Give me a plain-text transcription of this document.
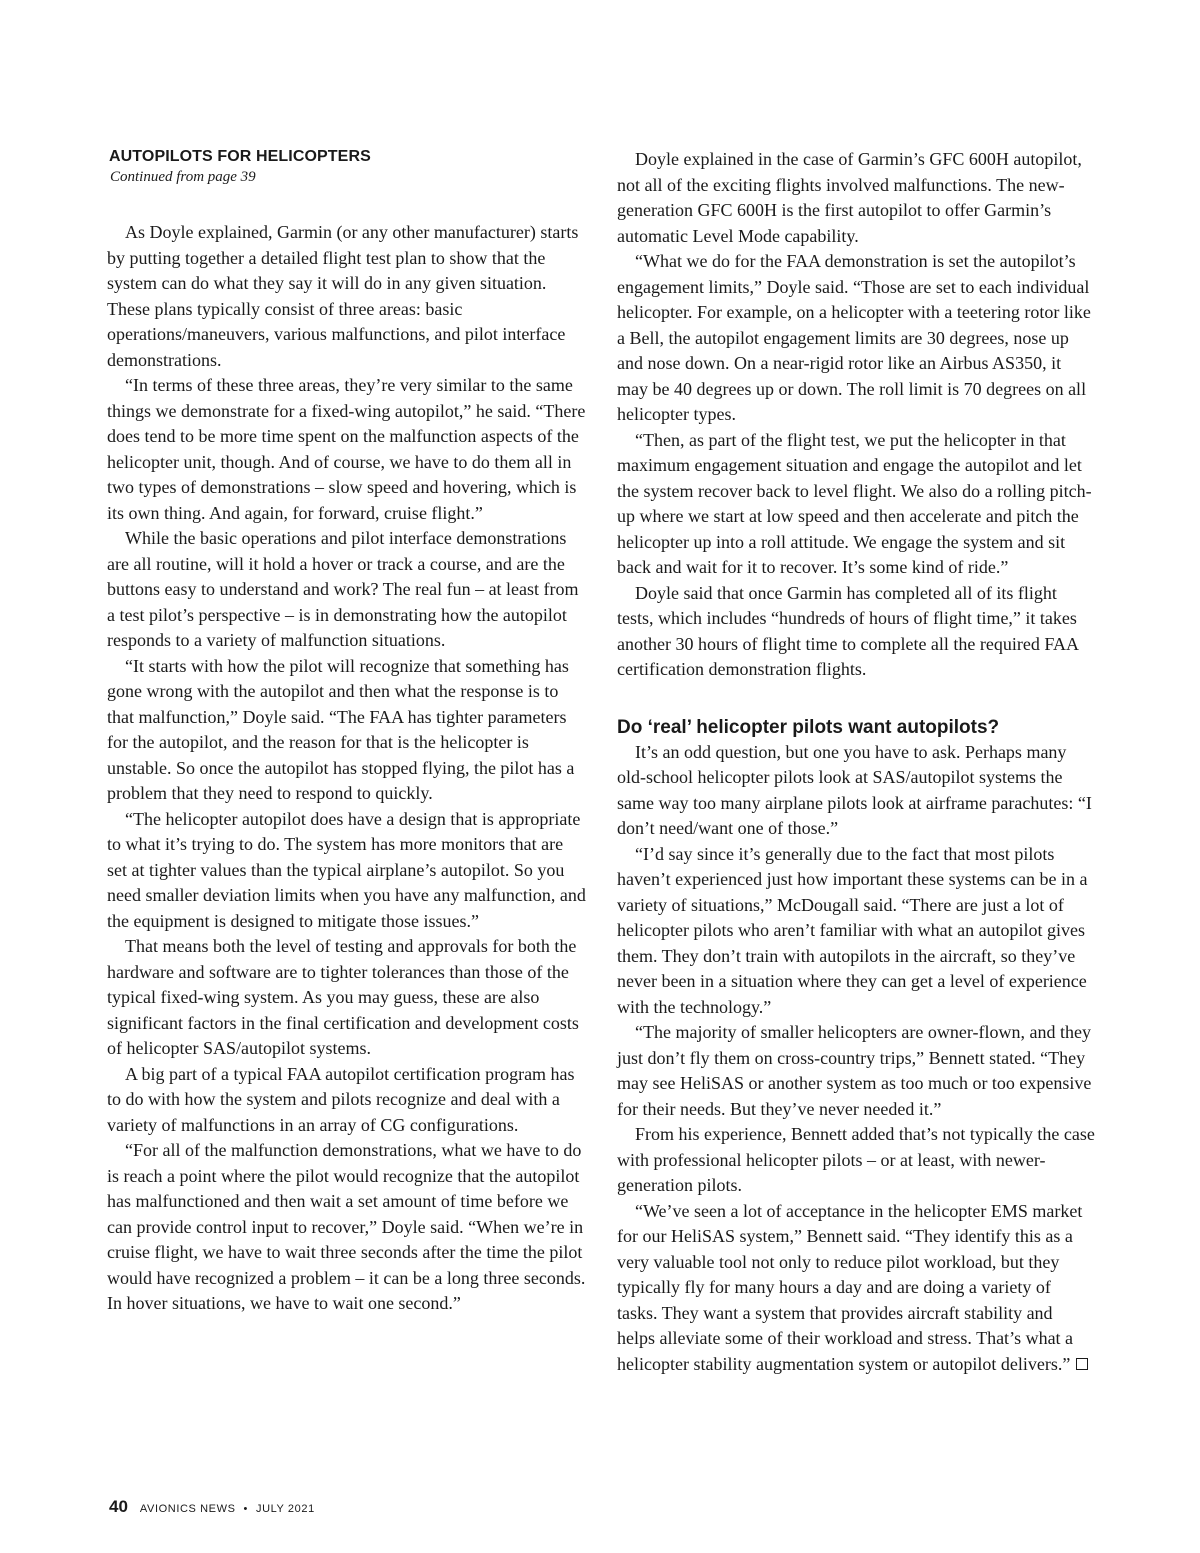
AUTOPILOTS FOR HELICOPTERS

Continued from page 39

As Doyle explained, Garmin (or any other manufacturer) starts by putting together a detailed flight test plan to show that the system can do what they say it will do in any given situation. These plans typically consist of three areas: basic operations/maneuvers, various malfunctions, and pilot interface demonstrations.

“In terms of these three areas, they’re very similar to the same things we demonstrate for a fixed-wing autopilot,” he said. “There does tend to be more time spent on the malfunction aspects of the helicopter unit, though. And of course, we have to do them all in two types of demonstrations – slow speed and hovering, which is its own thing. And again, for forward, cruise flight.”

While the basic operations and pilot interface demonstrations are all routine, will it hold a hover or track a course, and are the buttons easy to understand and work? The real fun – at least from a test pilot’s perspective – is in demonstrating how the autopilot responds to a variety of malfunction situations.

“It starts with how the pilot will recognize that something has gone wrong with the autopilot and then what the response is to that malfunction,” Doyle said. “The FAA has tighter parameters for the autopilot, and the reason for that is the helicopter is unstable. So once the autopilot has stopped flying, the pilot has a problem that they need to respond to quickly.

“The helicopter autopilot does have a design that is appropriate to what it’s trying to do. The system has more monitors that are set at tighter values than the typical airplane’s autopilot. So you need smaller deviation limits when you have any malfunction, and the equipment is designed to mitigate those issues.”

That means both the level of testing and approvals for both the hardware and software are to tighter tolerances than those of the typical fixed-wing system. As you may guess, these are also significant factors in the final certification and development costs of helicopter SAS/autopilot systems.

A big part of a typical FAA autopilot certification program has to do with how the system and pilots recognize and deal with a variety of malfunctions in an array of CG configurations.

“For all of the malfunction demonstrations, what we have to do is reach a point where the pilot would recognize that the autopilot has malfunctioned and then wait a set amount of time before we can provide control input to recover,” Doyle said. “When we’re in cruise flight, we have to wait three seconds after the time the pilot would have recognized a problem – it can be a long three seconds. In hover situations, we have to wait one second.”

Doyle explained in the case of Garmin’s GFC 600H autopilot, not all of the exciting flights involved malfunctions. The new-generation GFC 600H is the first autopilot to offer Garmin’s automatic Level Mode capability.

“What we do for the FAA demonstration is set the autopilot’s engagement limits,” Doyle said. “Those are set to each individual helicopter. For example, on a helicopter with a teetering rotor like a Bell, the autopilot engagement limits are 30 degrees, nose up and nose down. On a near-rigid rotor like an Airbus AS350, it may be 40 degrees up or down. The roll limit is 70 degrees on all helicopter types.

“Then, as part of the flight test, we put the helicopter in that maximum engagement situation and engage the autopilot and let the system recover back to level flight. We also do a rolling pitch-up where we start at low speed and then accelerate and pitch the helicopter up into a roll attitude. We engage the system and sit back and wait for it to recover. It’s some kind of ride.”

Doyle said that once Garmin has completed all of its flight tests, which includes “hundreds of hours of flight time,” it takes another 30 hours of flight time to complete all the required FAA certification demonstration flights.

Do ‘real’ helicopter pilots want autopilots?

It’s an odd question, but one you have to ask. Perhaps many old-school helicopter pilots look at SAS/autopilot systems the same way too many airplane pilots look at airframe parachutes: “I don’t need/want one of those.”

“I’d say since it’s generally due to the fact that most pilots haven’t experienced just how important these systems can be in a variety of situations,” McDougall said. “There are just a lot of helicopter pilots who aren’t familiar with what an autopilot gives them. They don’t train with autopilots in the aircraft, so they’ve never been in a situation where they can get a level of experience with the technology.”

“The majority of smaller helicopters are owner-flown, and they just don’t fly them on cross-country trips,” Bennett stated. “They may see HeliSAS or another system as too much or too expensive for their needs. But they’ve never needed it.”

From his experience, Bennett added that’s not typically the case with professional helicopter pilots – or at least, with newer-generation pilots.

“We’ve seen a lot of acceptance in the helicopter EMS market for our HeliSAS system,” Bennett said. “They identify this as a very valuable tool not only to reduce pilot workload, but they typically fly for many hours a day and are doing a variety of tasks. They want a system that provides aircraft stability and helps alleviate some of their workload and stress. That’s what a helicopter stability augmentation system or autopilot delivers.”

40 AVIONICS NEWS • JULY 2021
